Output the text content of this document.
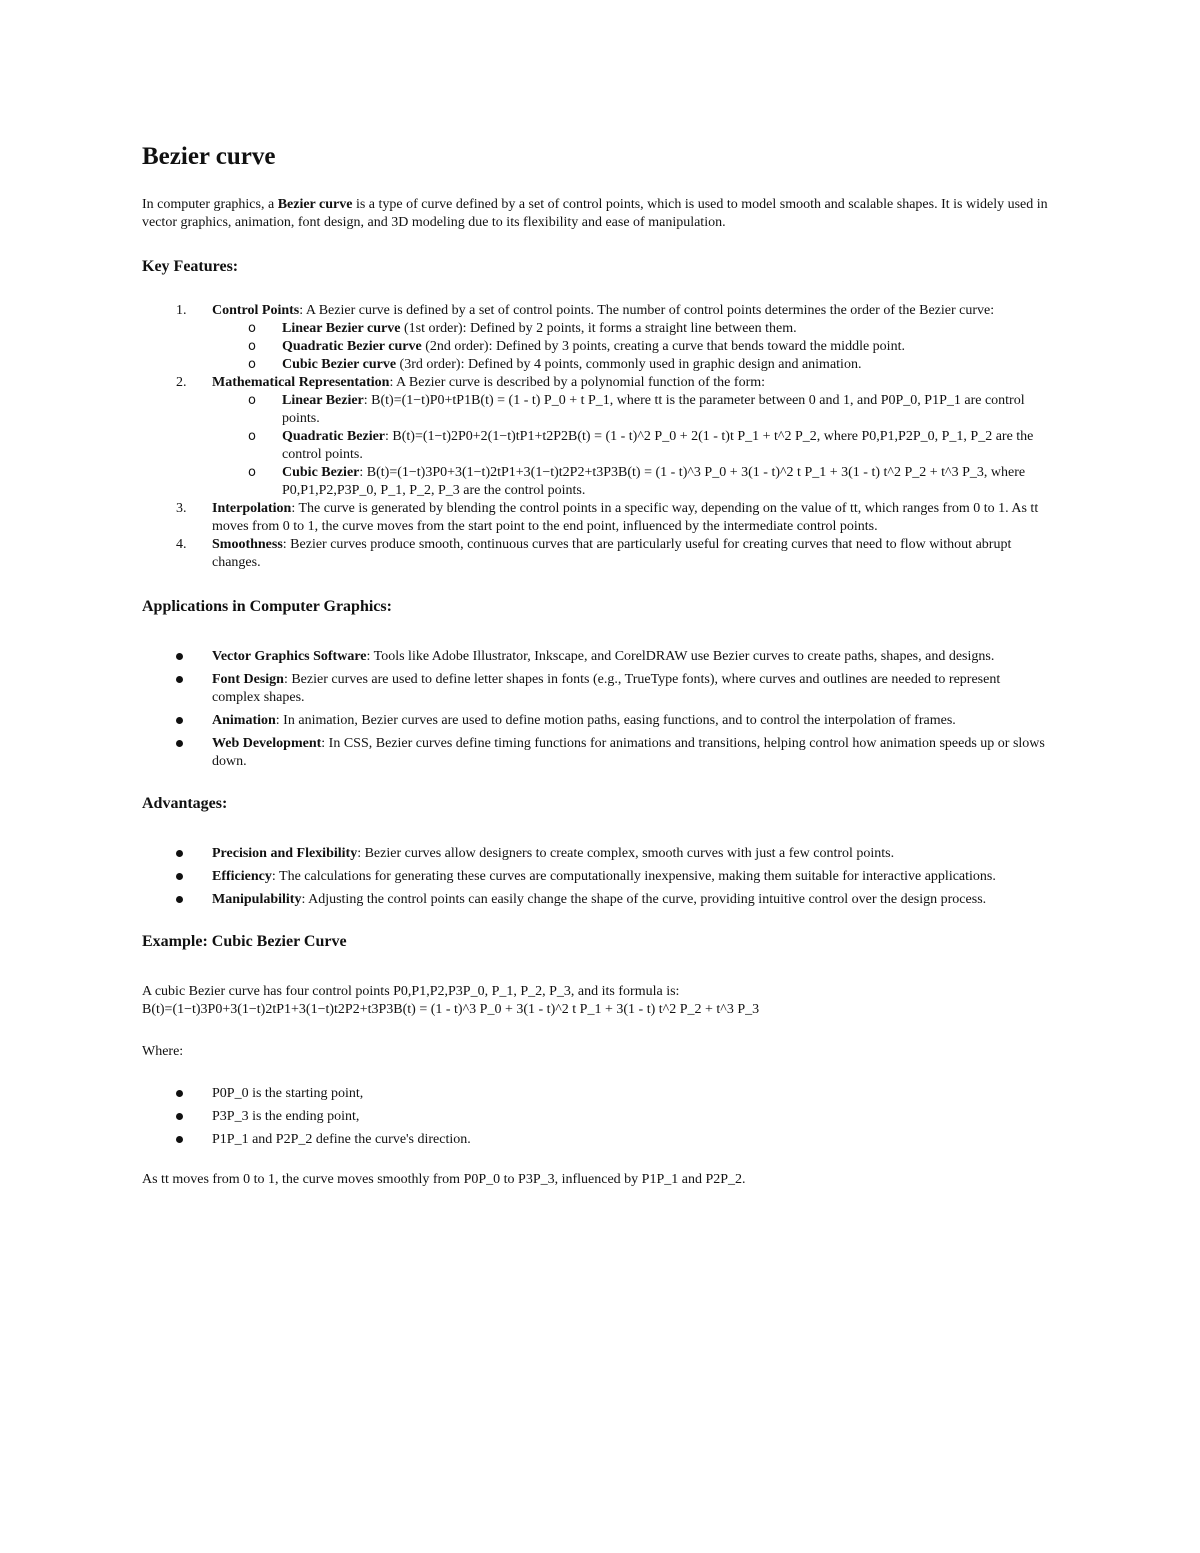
Bezier curve

In computer graphics, a Bezier curve is a type of curve defined by a set of control points, which is used to model smooth and scalable shapes. It is widely used in vector graphics, animation, font design, and 3D modeling due to its flexibility and ease of manipulation.

Key Features:
1. Control Points: A Bezier curve is defined by a set of control points. The number of control points determines the order of the Bezier curve:
o Linear Bezier curve (1st order): Defined by 2 points, it forms a straight line between them.
o Quadratic Bezier curve (2nd order): Defined by 3 points, creating a curve that bends toward the middle point.
o Cubic Bezier curve (3rd order): Defined by 4 points, commonly used in graphic design and animation.
2. Mathematical Representation: A Bezier curve is described by a polynomial function of the form:
o Linear Bezier: B(t)=(1−t)P0+tP1B(t) = (1 - t) P_0 + t P_1, where tt is the parameter between 0 and 1, and P0P_0, P1P_1 are control points.
o Quadratic Bezier: B(t)=(1−t)2P0+2(1−t)tP1+t2P2B(t) = (1 - t)^2 P_0 + 2(1 - t)t P_1 + t^2 P_2, where P0,P1,P2P_0, P_1, P_2 are the control points.
o Cubic Bezier: B(t)=(1−t)3P0+3(1−t)2tP1+3(1−t)t2P2+t3P3B(t) = (1 - t)^3 P_0 + 3(1 - t)^2 t P_1 + 3(1 - t) t^2 P_2 + t^3 P_3, where P0,P1,P2,P3P_0, P_1, P_2, P_3 are the control points.
3. Interpolation: The curve is generated by blending the control points in a specific way, depending on the value of tt, which ranges from 0 to 1. As tt moves from 0 to 1, the curve moves from the start point to the end point, influenced by the intermediate control points.
4. Smoothness: Bezier curves produce smooth, continuous curves that are particularly useful for creating curves that need to flow without abrupt changes.
Applications in Computer Graphics:
Vector Graphics Software: Tools like Adobe Illustrator, Inkscape, and CorelDRAW use Bezier curves to create paths, shapes, and designs.
Font Design: Bezier curves are used to define letter shapes in fonts (e.g., TrueType fonts), where curves and outlines are needed to represent complex shapes.
Animation: In animation, Bezier curves are used to define motion paths, easing functions, and to control the interpolation of frames.
Web Development: In CSS, Bezier curves define timing functions for animations and transitions, helping control how animation speeds up or slows down.
Advantages:
Precision and Flexibility: Bezier curves allow designers to create complex, smooth curves with just a few control points.
Efficiency: The calculations for generating these curves are computationally inexpensive, making them suitable for interactive applications.
Manipulability: Adjusting the control points can easily change the shape of the curve, providing intuitive control over the design process.
Example: Cubic Bezier Curve

A cubic Bezier curve has four control points P0,P1,P2,P3P_0, P_1, P_2, P_3, and its formula is:
B(t)=(1−t)3P0+3(1−t)2tP1+3(1−t)t2P2+t3P3B(t) = (1 - t)^3 P_0 + 3(1 - t)^2 t P_1 + 3(1 - t) t^2 P_2 + t^3 P_3

Where:

P0P_0 is the starting point,
P3P_3 is the ending point,
P1P_1 and P2P_2 define the curve's direction.

As tt moves from 0 to 1, the curve moves smoothly from P0P_0 to P3P_3, influenced by P1P_1 and P2P_2.
